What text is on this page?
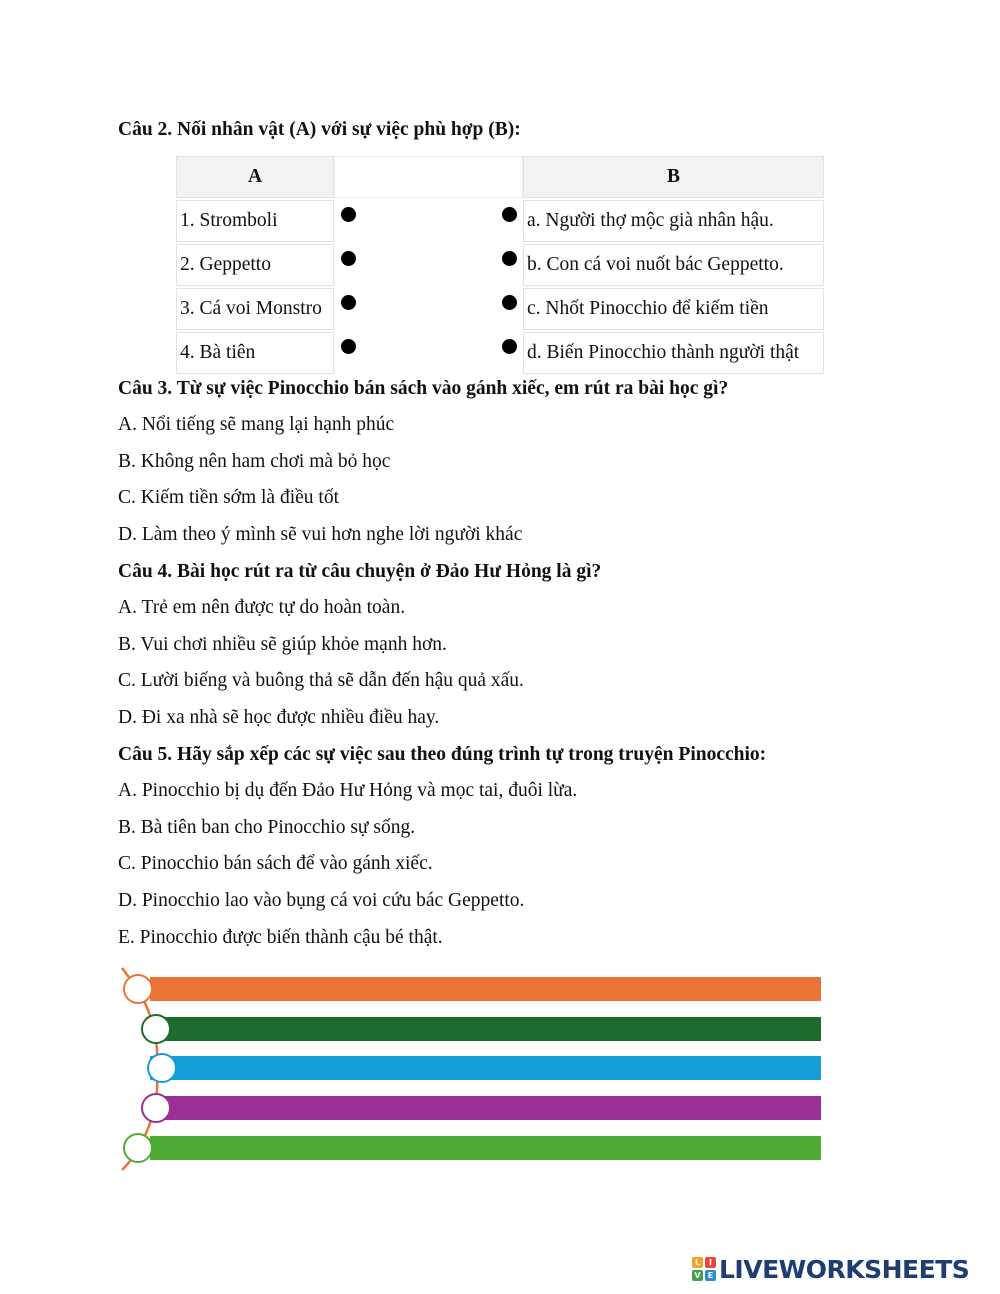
Câu 2. Nối nhân vật (A) với sự việc phù hợp (B):

A	B
1. Stromboli
2. Geppetto
3. Cá voi Monstro
4. Bà tiên
a. Người thợ mộc già nhân hậu.
b. Con cá voi nuốt bác Geppetto.
c. Nhốt Pinocchio để kiếm tiền
d. Biến Pinocchio thành người thật

Câu 3. Từ sự việc Pinocchio bán sách vào gánh xiếc, em rút ra bài học gì?

A. Nổi tiếng sẽ mang lại hạnh phúc

B. Không nên ham chơi mà bỏ học

C. Kiếm tiền sớm là điều tốt

D. Làm theo ý mình sẽ vui hơn nghe lời người khác

Câu 4. Bài học rút ra từ câu chuyện ở Đảo Hư Hỏng là gì?

A. Trẻ em nên được tự do hoàn toàn.

B. Vui chơi nhiều sẽ giúp khỏe mạnh hơn.

C. Lười biếng và buông thả sẽ dẫn đến hậu quả xấu.

D. Đi xa nhà sẽ học được nhiều điều hay.

Câu 5. Hãy sắp xếp các sự việc sau theo đúng trình tự trong truyện Pinocchio:

A. Pinocchio bị dụ đến Đảo Hư Hỏng và mọc tai, đuôi lừa.

B. Bà tiên ban cho Pinocchio sự sống.

C. Pinocchio bán sách để vào gánh xiếc.

D. Pinocchio lao vào bụng cá voi cứu bác Geppetto.

E. Pinocchio được biến thành cậu bé thật.

L	I
V E LIVEWORKSHEETS
